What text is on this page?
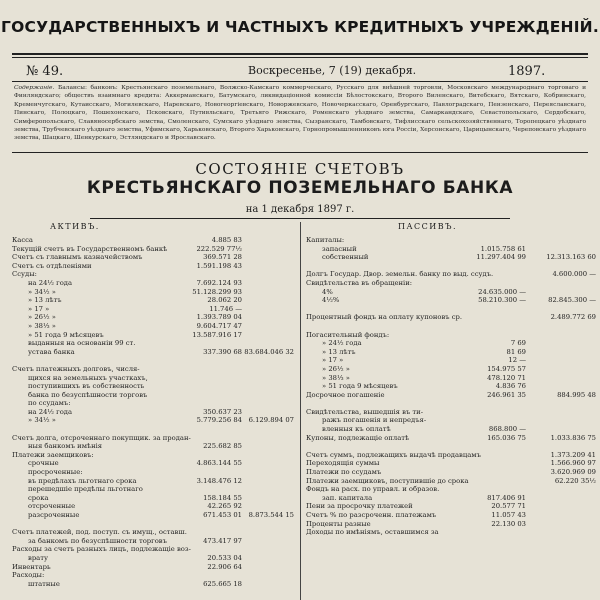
ГОСУДАРСТВЕННЫХЪ И ЧАСТНЫХЪ КРЕДИТНЫХЪ УЧРЕЖДЕНІЙ.
№ 49.	Воскресенье, 7 (19) декабря.	1897.

Содержаніе. Балансы: банковъ: Крестьянскаго поземельнаго, Волжско-Камскаго коммерческаго, Русскаго для внѣшней торговли, Московскаго международнаго торговаго и Финляндскаго; обществъ взаимнаго кредита: Аккерманскаго, Батумскаго, ликвидаціонной комиссіи Бѣлостокскаго, Второго Виленскаго, Витебскаго, Вятскаго, Кобринскаго, Кременчугскаго, Кутаисскаго, Могилевскаго, Наревскаго, Новогеоргіевскаго, Новоржевскаго, Новочеркасскаго, Оренбургскаго, Павлоградскаго, Пензенскаго, Переяславскаго, Пинскаго, Полоцкаго, Пошехонскаго, Псковскаго, Путивльскаго, Третьяго Рижскаго, Роменскаго уѣзднаго земства, Самаркандскаго, Севастопольскаго, Сердобскаго, Симферопольскаго, Славяносербскаго земства, Смоленскаго, Сумскаго уѣзднаго земства, Сызранскаго, Тамбовскаго, Тифлисскаго сельскохозяйственнаго, Торопецкаго уѣзднаго земства, Трубчевскаго уѣзднаго земства, Уфимскаго, Харьковскаго, Второго Харьковскаго, Горнопромышленниковъ юга Россіи, Херсонскаго, Царицынскаго, Череповскаго уѣзднаго земства, Шацкаго, Шенкурскаго, Эстляндскаго и Ярославскаго.

СОСТОЯНІЕ СЧЕТОВЪ
КРЕСТЬЯНСКАГО ПОЗЕМЕЛЬНАГО БАНКА
на 1 декабря 1897 г.
АКТИВЪ.	ПАССИВЪ.
Касса	4.885 83
Текущій счетъ въ Государственномъ банкѣ	222.529 77½
Счетъ съ главнымъ казначействомъ	369.571 28
Счетъ съ отдѣленіями	1.591.198 43
Ссуды:
на 24½ года	7.692.124 93
» 34½ »	51.128.299 93
» 13 лѣтъ	28.062 20
» 17 »	11.746 —
» 26½ »	1.393.789 04
» 38⅓ »	9.604.717 47
» 51 года 9 мѣсяцевъ	13.587.916 17
выданныя на основаніи 99 ст.
устава банка	337.390 68 83.684.046 32
Счетъ платежныхъ долговъ, числя-
щихся на земельныхъ участкахъ,
поступившихъ въ собственность
банка по безуспѣшности торговъ
по ссудамъ:
на 24½ года	350.637 23
» 34½ »	5.779.256 84 6.129.894 07
Счетъ долга, отсроченнаго покупщик. за продан-
ныя банкомъ имѣнія	225.682 85
Платежи заемщиковъ:
срочные	4.863.144 55
просроченные:
въ предѣлахъ льготнаго срока	3.148.476 12
перешедшіе предѣлы льготнаго
срока	158.184 55
отсроченные	42.265 92
разсроченные	671.453 01 8.873.544 15
Счетъ платежей, под. поступ. съ имущ., оставш.
за банкомъ по безуспѣшности торговъ	473.417 97
Расходы за счетъ разныхъ лицъ, подлежащіе воз-
врату	20.533 04
Инвентарь	22.906 64
Расходы:
штатные	625.665 18
Капиталы:
запасный	1.015.758 61
собственный	11.297.404 99	12.313.163 60
Долгъ Государ. Двор. земельн. банку по выд. ссудъ.	4.600.000 —
Свидѣтельства въ обращеніи:
4%	24.635.000 —
4½%	58.210.300 —	82.845.300 —
Процентный фондъ на оплату купоновъ ср.	2.489.772 69
Погасительный фондъ:
» 24½ года	7 69
» 13 лѣтъ	81 69
» 17 »	12 —
» 26½ »	154.975 57
» 38⅓ »	478.120 71
» 51 года 9 мѣсяцевъ	4.836 76
Досрочное погашеніе	246.961 35	884.995 48
Свидѣтельства, вышедшія въ ти-
ражъ погашенія и непредъя-
вленныя къ оплатѣ	868.800 —
Купоны, подлежащіе оплатѣ	165.036 75	1.033.836 75
Счетъ суммъ, подлежащихъ выдачѣ продавцамъ	1.373.209 41
Переходящія суммы	1.566.960 97
Платежи по ссудамъ	3.620.969 09
Платежи заемщиковъ, поступившіе до срока	62.220 35½
Фондъ на расх. по управл. и образов.
зап. капитала	817.406 91
Пени за просрочку платежей	20.577 71
Счетъ % по разсроченн. платежамъ	11.057 43
Проценты разные	22.130 03
Доходы по имѣніямъ, оставшимся за
